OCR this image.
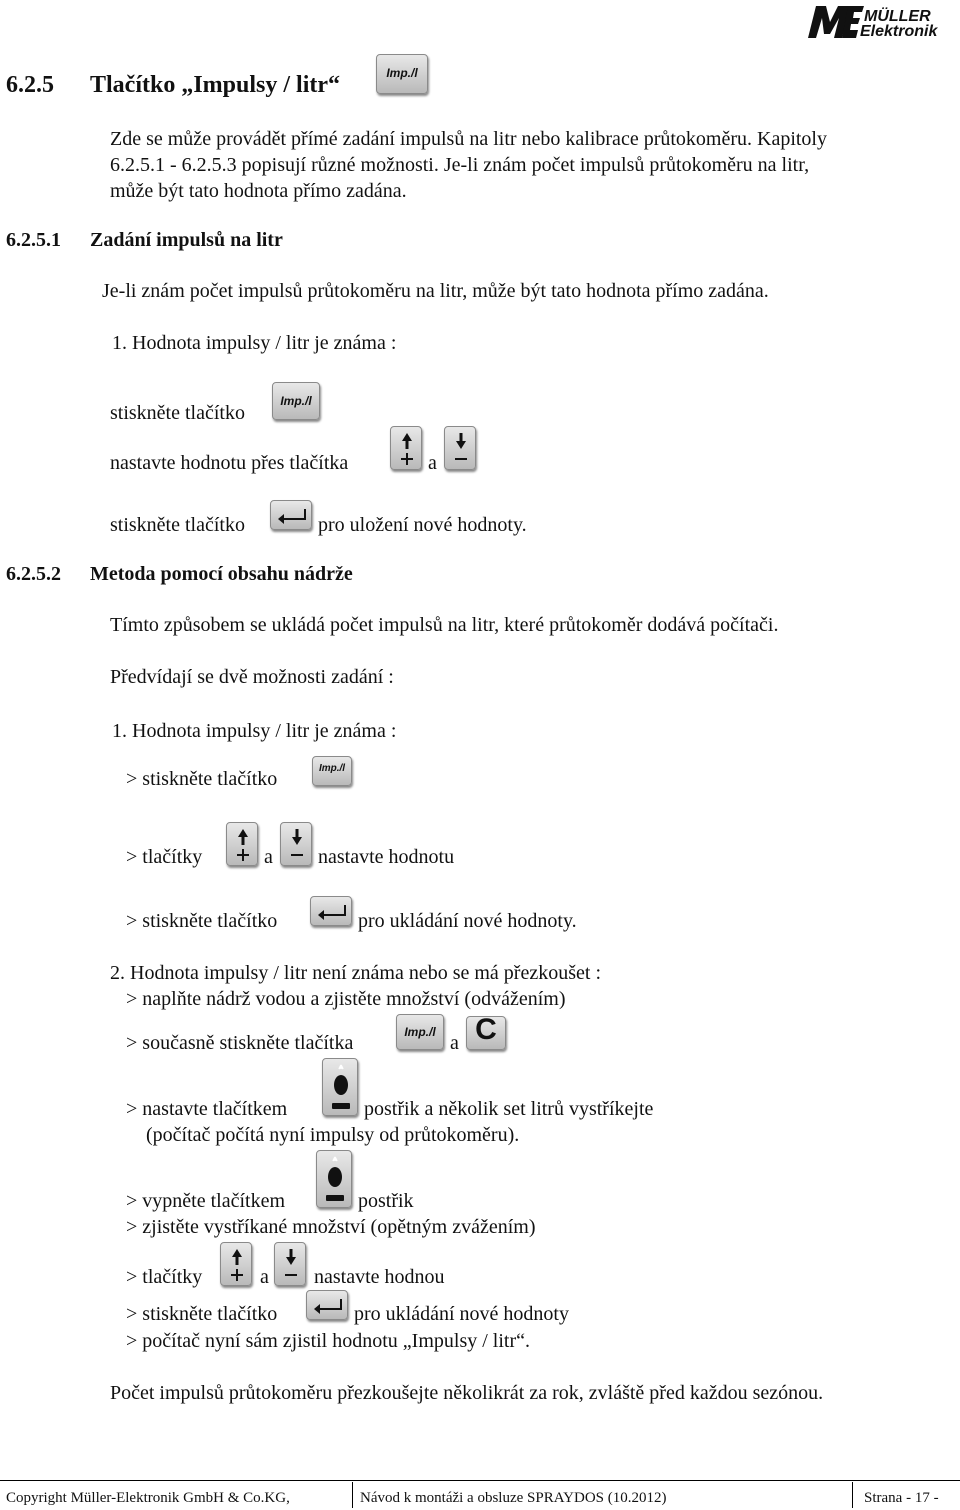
MÜLLER
Elektronik
6.2.5 Tlačítko „Impulsy / litr“	Imp./l
Zde se může provádět přímé zadání impulsů na litr nebo kalibrace průtokoměru. Kapitoly 6.2.5.1 - 6.2.5.3 popisují různé možnosti. Je-li znám počet impulsů průtokoměru na litr, může být tato hodnota přímo zadána.
6.2.5.1 Zadání impulsů na litr
Je-li znám počet impulsů průtokoměru na litr, může být tato hodnota přímo zadána.
1. Hodnota impulsy / litr je známa :
stiskněte tlačítko
Imp./l
nastavte hodnotu přes tlačítka	a
stiskněte tlačítko	pro uložení nové hodnoty.
6.2.5.2 Metoda pomocí obsahu nádrže
Tímto způsobem se ukládá počet impulsů na litr, které průtokoměr dodává počítači.
Předvídají se dvě možnosti zadání :
1. Hodnota impulsy / litr je známa :
> stiskněte tlačítko	Imp./l
> tlačítky	a nastavte hodnotu
> stiskněte tlačítko	pro ukládání nové hodnoty.
2. Hodnota impulsy / litr není známa nebo se má přezkoušet :
> naplňte nádrž vodou a zjistěte množství (odvážením)
> současně stiskněte tlačítka	Imp./l a C
> nastavte tlačítkem	postřik a několik set litrů vystříkejte
(počítač počítá nyní impulsy od průtokoměru).
> vypněte tlačítkem	postřik
> zjistěte vystříkané množství (opětným zvážením)
> tlačítky	a nastavte hodnou
> stiskněte tlačítko	pro ukládání nové hodnoty
> počítač nyní sám zjistil hodnotu „Impulsy / litr“.
Počet impulsů průtokoměru přezkoušejte několikrát za rok, zvláště před každou sezónou.
Copyright Müller-Elektronik GmbH & Co.KG,	Návod k montáži a obsluze SPRAYDOS (10.2012)	Strana - 17 -
